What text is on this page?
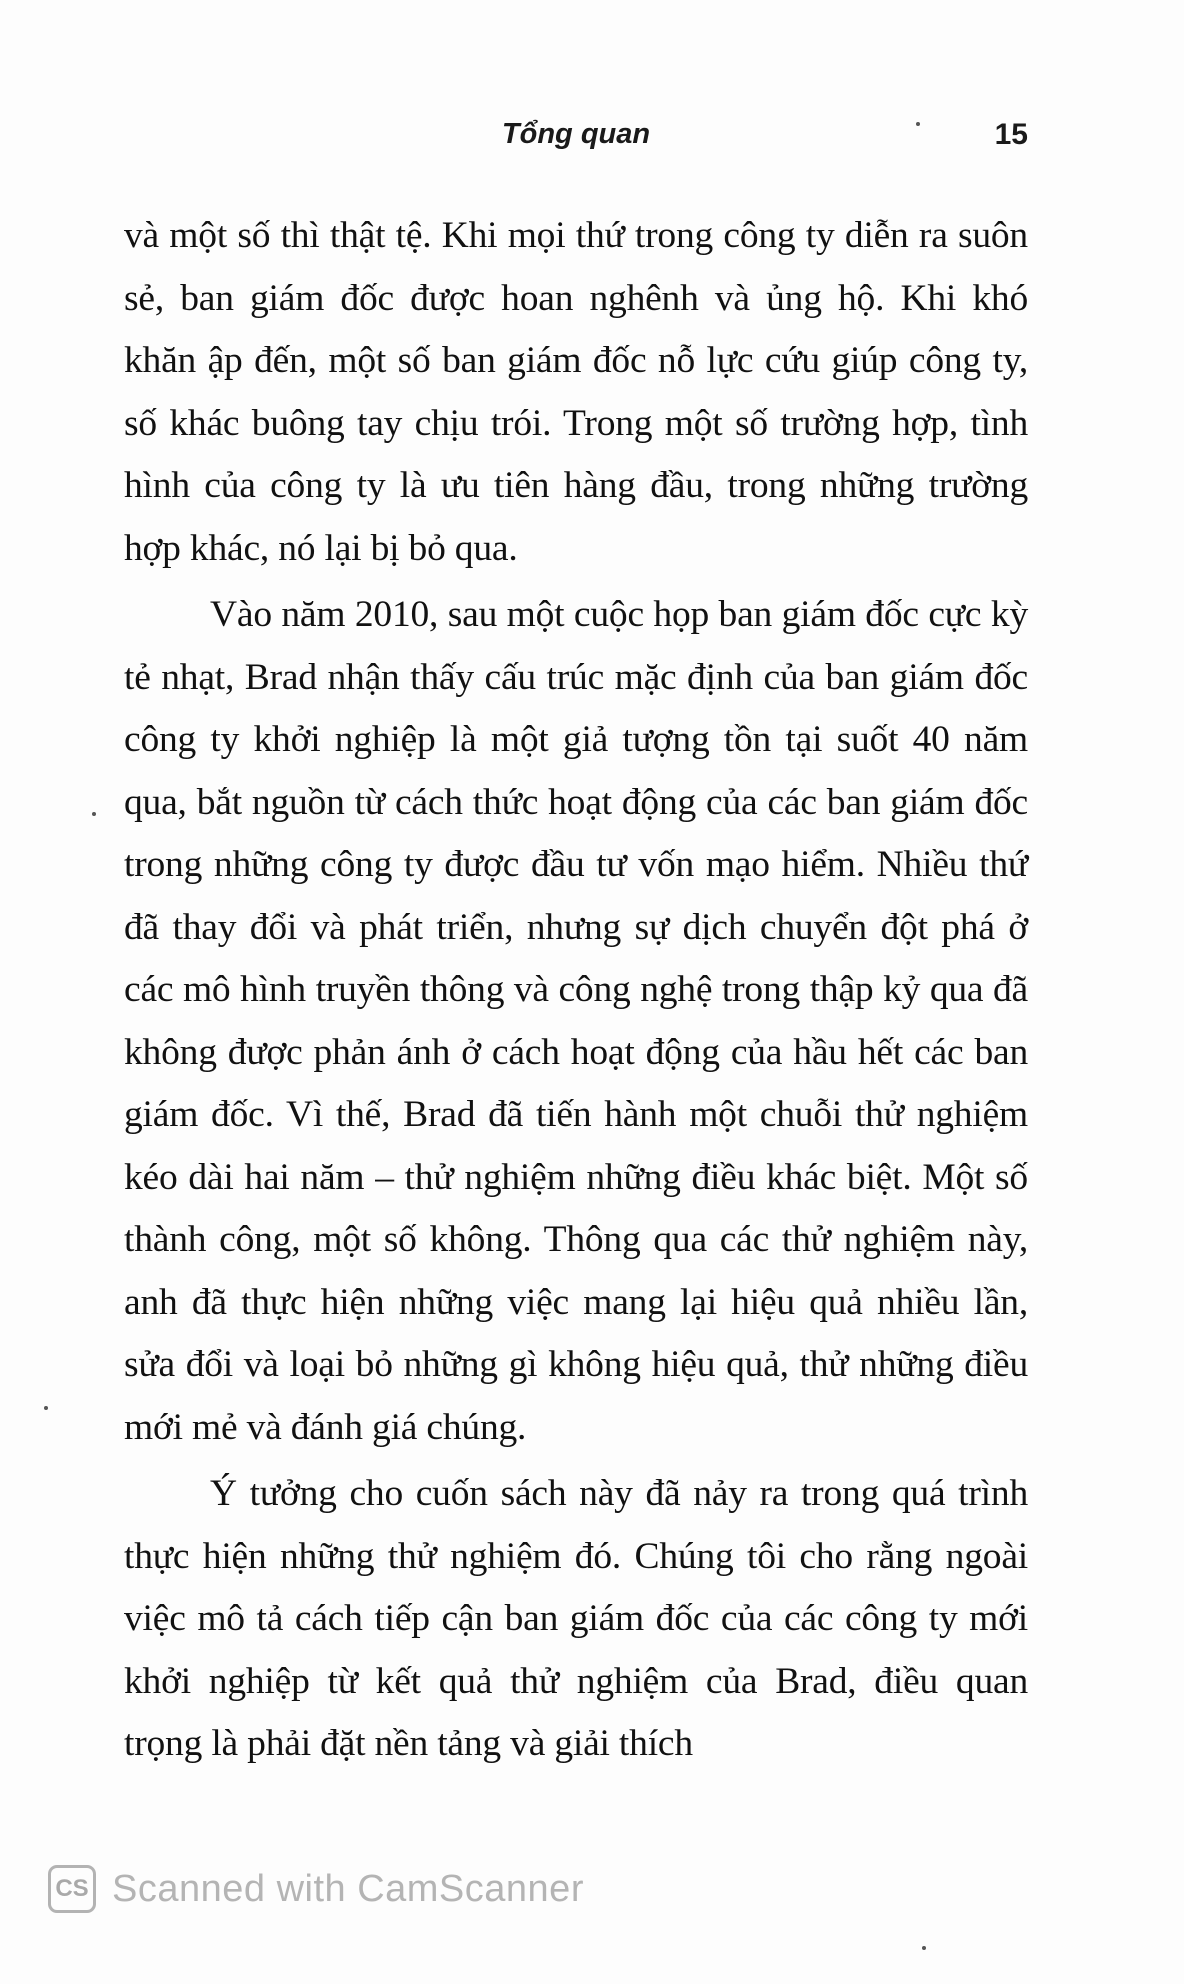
Tổng quan	15

và một số thì thật tệ. Khi mọi thứ trong công ty diễn ra suôn sẻ, ban giám đốc được hoan nghênh và ủng hộ. Khi khó khăn ập đến, một số ban giám đốc nỗ lực cứu giúp công ty, số khác buông tay chịu trói. Trong một số trường hợp, tình hình của công ty là ưu tiên hàng đầu, trong những trường hợp khác, nó lại bị bỏ qua.

Vào năm 2010, sau một cuộc họp ban giám đốc cực kỳ tẻ nhạt, Brad nhận thấy cấu trúc mặc định của ban giám đốc công ty khởi nghiệp là một giả tượng tồn tại suốt 40 năm qua, bắt nguồn từ cách thức hoạt động của các ban giám đốc trong những công ty được đầu tư vốn mạo hiểm. Nhiều thứ đã thay đổi và phát triển, nhưng sự dịch chuyển đột phá ở các mô hình truyền thông và công nghệ trong thập kỷ qua đã không được phản ánh ở cách hoạt động của hầu hết các ban giám đốc. Vì thế, Brad đã tiến hành một chuỗi thử nghiệm kéo dài hai năm – thử nghiệm những điều khác biệt. Một số thành công, một số không. Thông qua các thử nghiệm này, anh đã thực hiện những việc mang lại hiệu quả nhiều lần, sửa đổi và loại bỏ những gì không hiệu quả, thử những điều mới mẻ và đánh giá chúng.

Ý tưởng cho cuốn sách này đã nảy ra trong quá trình thực hiện những thử nghiệm đó. Chúng tôi cho rằng ngoài việc mô tả cách tiếp cận ban giám đốc của các công ty mới khởi nghiệp từ kết quả thử nghiệm của Brad, điều quan trọng là phải đặt nền tảng và giải thích

CS Scanned with CamScanner
